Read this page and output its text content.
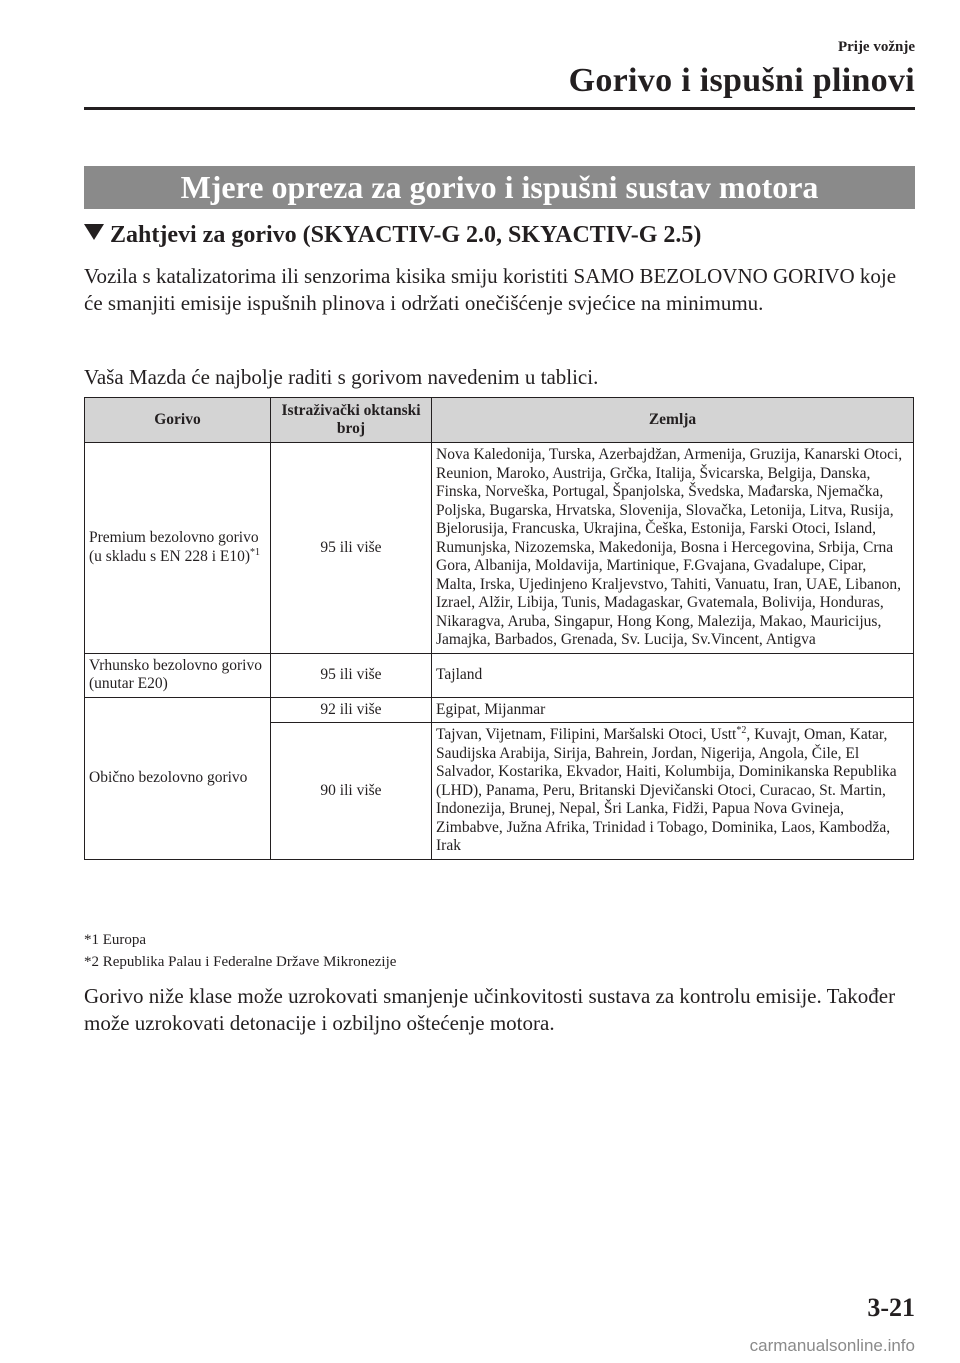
Prije vožnje
Gorivo i ispušni plinovi
Mjere opreza za gorivo i ispušni sustav motora
Zahtjevi za gorivo (SKYACTIV-G 2.0, SKYACTIV-G 2.5)
Vozila s katalizatorima ili senzorima kisika smiju koristiti SAMO BEZOLOVNO GORIVO koje će smanjiti emisije ispušnih plinova i održati onečišćenje svjećice na minimumu.
Vaša Mazda će najbolje raditi s gorivom navedenim u tablici.
Gorivo	Istraživački oktanski broj	Zemlja
Premium bezolovno gorivo (u skladu s EN 228 i E10)$^{*1}$	95 ili više	Nova Kaledonija, Turska, Azerbajdžan, Armenija, Gruzija, Kanarski Otoci, Reunion, Maroko, Austrija, Grčka, Italija, Švicarska, Belgija, Danska, Finska, Norveška, Portugal, Španjolska, Švedska, Mađarska, Njemačka, Poljska, Bugarska, Hrvatska, Slovenija, Slovačka, Letonija, Litva, Rusija, Bjelorusija, Francuska, Ukrajina, Češka, Estonija, Farski Otoci, Island, Rumunjska, Nizozemska, Makedonija, Bosna i Hercegovina, Srbija, Crna Gora, Albanija, Moldavija, Martinique, F.Gvajana, Gvadalupe, Cipar, Malta, Irska, Ujedinjeno Kraljevstvo, Tahiti, Vanuatu, Iran, UAE, Libanon, Izrael, Alžir, Libija, Tunis, Madagaskar, Gvatemala, Bolivija, Honduras, Nikaragva, Aruba, Singapur, Hong Kong, Malezija, Makao, Mauricijus, Jamajka, Barbados, Grenada, Sv. Lucija, Sv.Vincent, Antigva
Vrhunsko bezolovno gorivo (unutar E20)	95 ili više	Tajland
Obično bezolovno gorivo	92 ili više	Egipat, Mijanmar
	90 ili više	Tajvan, Vijetnam, Filipini, Maršalski Otoci, Ustt$^{*2}$, Kuvajt, Oman, Katar, Saudijska Arabija, Sirija, Bahrein, Jordan, Nigerija, Angola, Čile, El Salvador, Kostarika, Ekvador, Haiti, Kolumbija, Dominikanska Republika (LHD), Panama, Peru, Britanski Djevičanski Otoci, Curacao, St. Martin, Indonezija, Brunej, Nepal, Šri Lanka, Fidži, Papua Nova Gvineja, Zimbabve, Južna Afrika, Trinidad i Tobago, Dominika, Laos, Kambodža, Irak
*1 Europa
*2 Republika Palau i Federalne Države Mikronezije
Gorivo niže klase može uzrokovati smanjenje učinkovitosti sustava za kontrolu emisije. Također može uzrokovati detonacije i ozbiljno oštećenje motora.
3-21
carmanualsonline.info
